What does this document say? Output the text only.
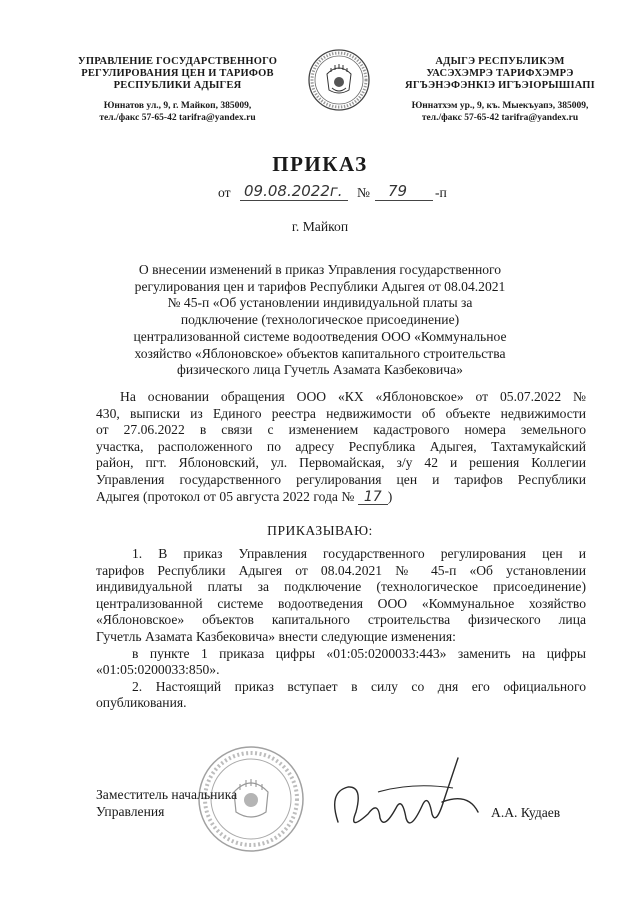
УПРАВЛЕНИЕ ГОСУДАРСТВЕННОГО
РЕГУЛИРОВАНИЯ ЦЕН И ТАРИФОВ
РЕСПУБЛИКИ АДЫГЕЯ
Юннатов ул., 9, г. Майкоп, 385009,
тел./факс 57-65-42 tarifra@yandex.ru
АДЫГЭ РЕСПУБЛИКЭМ
УАСЭХЭМРЭ ТАРИФХЭМРЭ
ЯГЪЭНЭФЭНКIЭ ИГЪЭIОРЫШIАПI
Юннатхэм ур., 9, къ. Мыекъуапэ, 385009,
тел./факс 57-65-42 tarifra@yandex.ru
ПРИКАЗ
от 09.08.2022г. № 79 -п
г. Майкоп
О внесении изменений в приказ Управления государственного
регулирования цен и тарифов Республики Адыгея от 08.04.2021
№ 45-п «Об установлении индивидуальной платы за
подключение (технологическое присоединение)
централизованной системе водоотведения ООО «Коммунальное
хозяйство «Яблоновское» объектов капитального строительства
физического лица Гучетль Азамата Казбековича»
На основании обращения ООО «КХ «Яблоновское» от 05.07.2022 №
430, выписки из Единого реестра недвижимости об объекте недвижимости
от 27.06.2022 в связи с изменением кадастрового номера земельного
участка, расположенного по адресу Республика Адыгея, Тахтамукайский
район, пгт. Яблоновский, ул. Первомайская, з/у 42 и решения Коллегии
Управления государственного регулирования цен и тарифов Республики
Адыгея (протокол от 05 августа 2022 года № 17 )
ПРИКАЗЫВАЮ:
1. В приказ Управления государственного регулирования цен и
тарифов Республики Адыгея от 08.04.2021 № 45-п «Об установлении
индивидуальной платы за подключение (технологическое присоединение)
централизованной системе водоотведения ООО «Коммунальное хозяйство
«Яблоновское» объектов капитального строительства физического лица
Гучетль Азамата Казбековича» внести следующие изменения:
в пункте 1 приказа цифры «01:05:0200033:443» заменить на цифры
«01:05:0200033:850».
2. Настоящий приказ вступает в силу со дня его официального
опубликования.
Заместитель начальника
Управления	А.А. Кудаев
